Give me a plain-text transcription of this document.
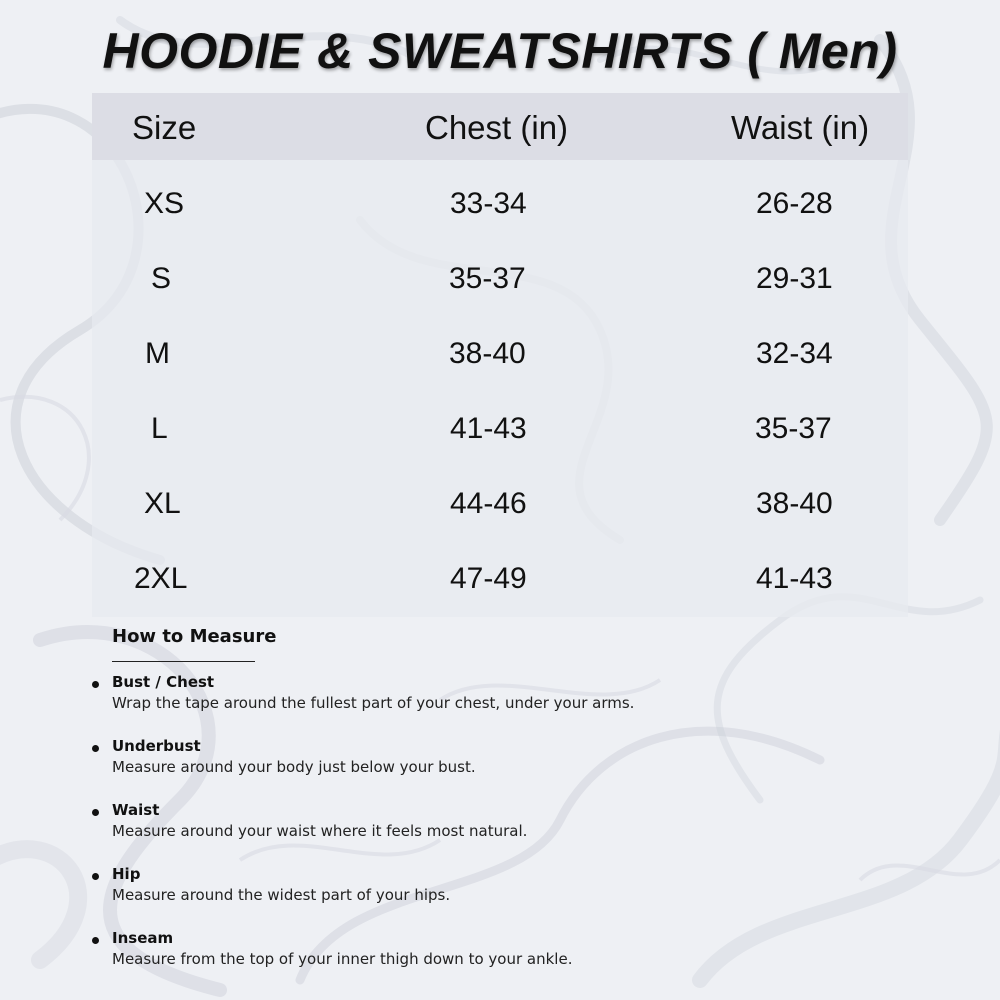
HOODIE & SWEATSHIRTS ( Men)
Size	Chest (in)	Waist (in)
XS	33-34	26-28
S	35-37	29-31
M	38-40	32-34
L	41-43	35-37
XL	44-46	38-40
2XL	47-49	41-43
How to Measure
Bust / Chest
Wrap the tape around the fullest part of your chest, under your arms.
Underbust
Measure around your body just below your bust.
Waist
Measure around your waist where it feels most natural.
Hip
Measure around the widest part of your hips.
Inseam
Measure from the top of your inner thigh down to your ankle.
